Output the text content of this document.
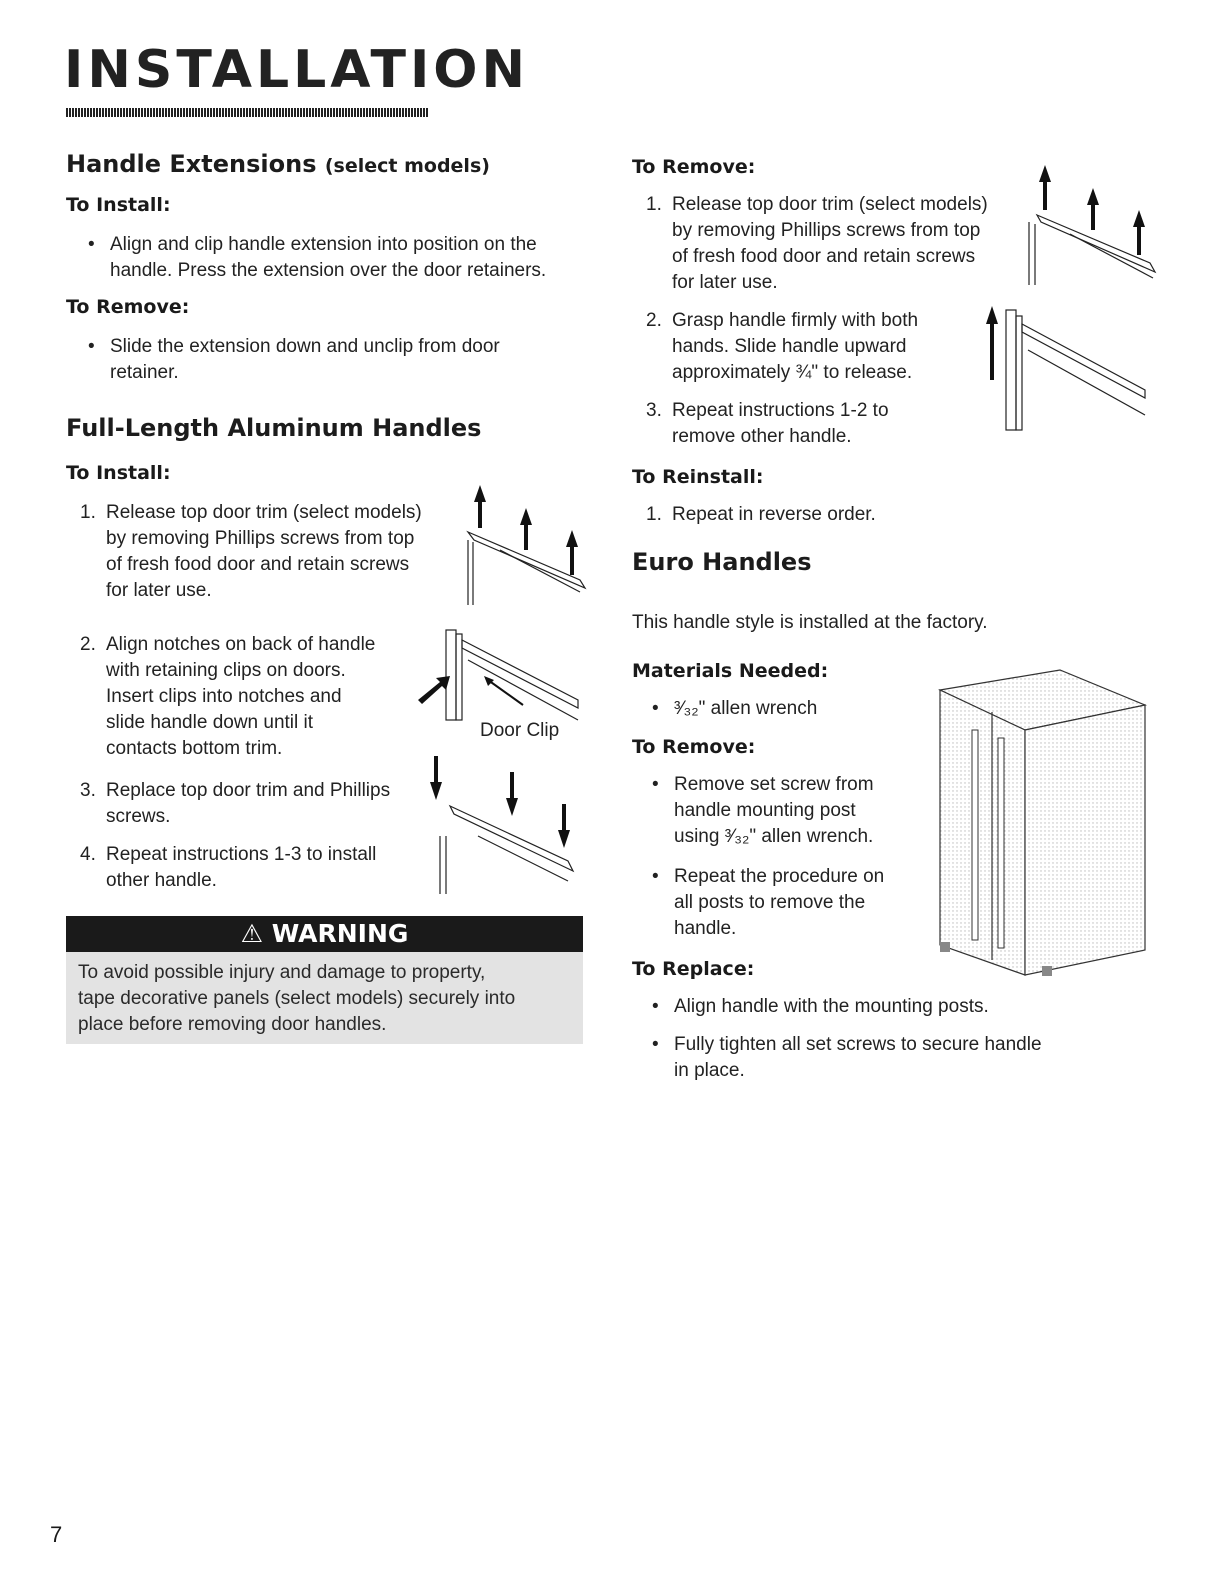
INSTALLATION
Handle Extensions (select models)
To Install:
• Align and clip handle extension into position on the
handle. Press the extension over the door retainers.
To Remove:
• Slide the extension down and unclip from door
retainer.
Full-Length Aluminum Handles
To Install:
1. Release top door trim (select models)
by removing Phillips screws from top
of fresh food door and retain screws
for later use.
2. Align notches on back of handle
with retaining clips on doors.
Insert clips into notches and
slide handle down until it
contacts bottom trim.
3. Replace top door trim and Phillips
screws.
4. Repeat instructions 1-3 to install
other handle.
Door Clip
⚠ WARNING
To avoid possible injury and damage to property,
tape decorative panels (select models) securely into
place before removing door handles.
To Remove:
1. Release top door trim (select models)
by removing Phillips screws from top
of fresh food door and retain screws
for later use.
2. Grasp handle firmly with both
hands. Slide handle upward
approximately ¾" to release.
3. Repeat instructions 1-2 to
remove other handle.
To Reinstall:
1. Repeat in reverse order.
Euro Handles
This handle style is installed at the factory.
Materials Needed:
• ³⁄₃₂" allen wrench
To Remove:
• Remove set screw from
handle mounting post
using ³⁄₃₂" allen wrench.
• Repeat the procedure on
all posts to remove the
handle.
To Replace:
• Align handle with the mounting posts.
• Fully tighten all set screws to secure handle
in place.
7
